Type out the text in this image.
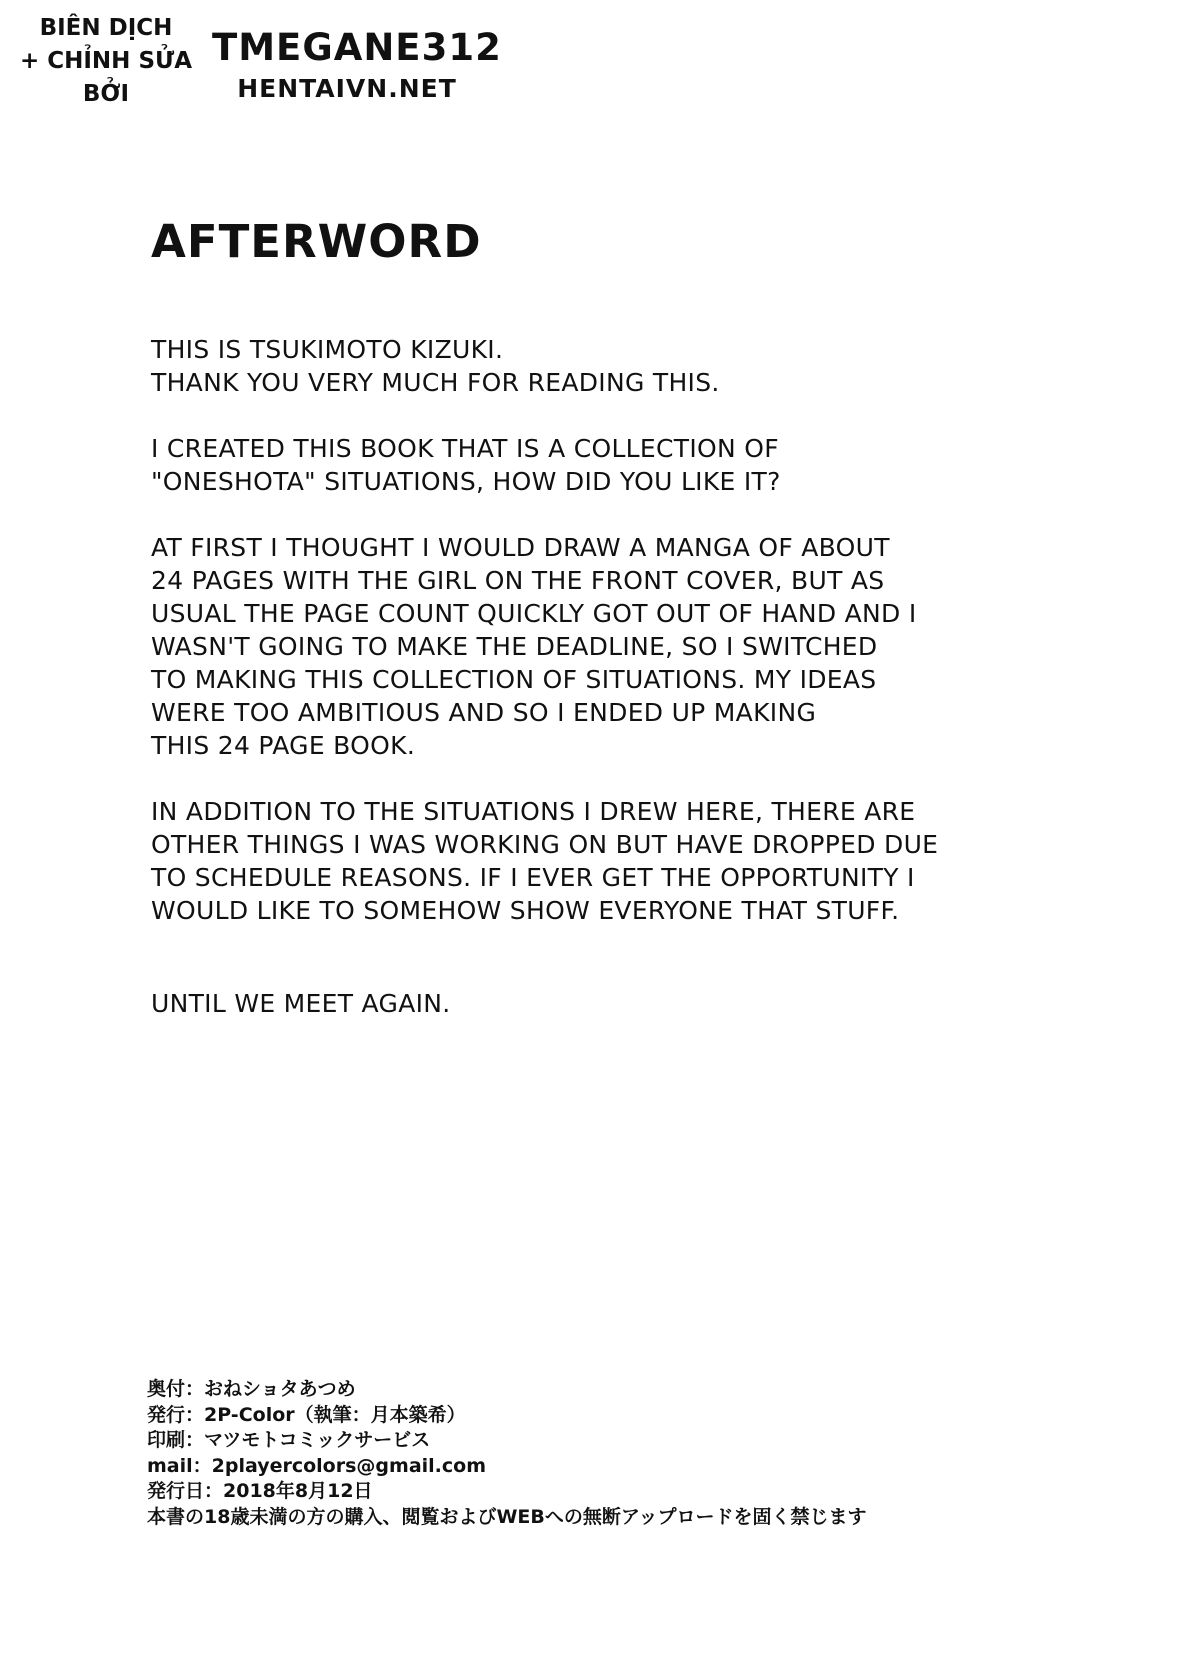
BIÊN DỊCH
+ CHỈNH SỬA
BỞI
TMEGANE312
HENTAIVN.NET
AFTERWORD
THIS IS TSUKIMOTO KIZUKI.
THANK YOU VERY MUCH FOR READING THIS.
I CREATED THIS BOOK THAT IS A COLLECTION OF
"ONESHOTA" SITUATIONS, HOW DID YOU LIKE IT?
AT FIRST I THOUGHT I WOULD DRAW A MANGA OF ABOUT
24 PAGES WITH THE GIRL ON THE FRONT COVER, BUT AS
USUAL THE PAGE COUNT QUICKLY GOT OUT OF HAND AND I
WASN'T GOING TO MAKE THE DEADLINE, SO I SWITCHED
TO MAKING THIS COLLECTION OF SITUATIONS. MY IDEAS
WERE TOO AMBITIOUS AND SO I ENDED UP MAKING
THIS 24 PAGE BOOK.
IN ADDITION TO THE SITUATIONS I DREW HERE, THERE ARE
OTHER THINGS I WAS WORKING ON BUT HAVE DROPPED DUE
TO SCHEDULE REASONS. IF I EVER GET THE OPPORTUNITY I
WOULD LIKE TO SOMEHOW SHOW EVERYONE THAT STUFF.
UNTIL WE MEET AGAIN.
奥付：おねショタあつめ
発行：2P-Color（執筆：月本築希）
印刷：マツモトコミックサービス
mail：2playercolors@gmail.com
発行日：2018年8月12日
本書の18歳未満の方の購入、閲覧およびWEBへの無断アップロードを固く禁じます
